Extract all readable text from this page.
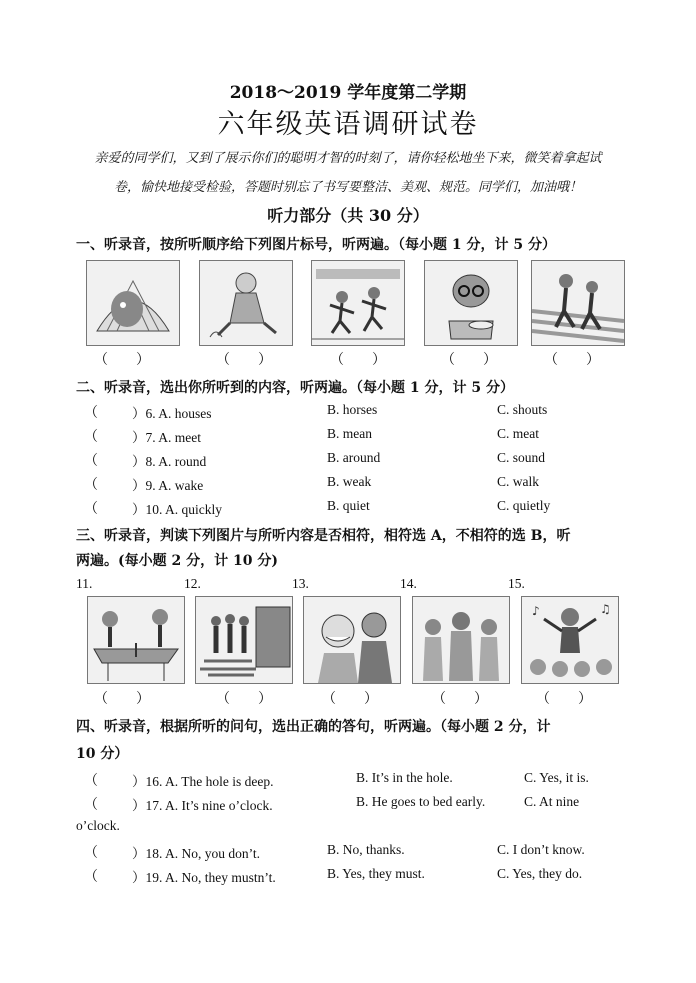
2018～2019 学年度第二学期
六年级英语调研试卷
亲爱的同学们，又到了展示你们的聪明才智的时刻了，请你轻松地坐下来，微笑着拿起试
卷，愉快地接受检验，答题时别忘了书写要整洁、美观、规范。同学们，加油哦！
听力部分（共 30 分）
一、听录音，按所听顺序给下列图片标号，听两遍。（每小题 1 分，计 5 分）
（　　）	（　　）	（　　）	（　　）	（　　）
二、听录音，选出你所听到的内容，听两遍。（每小题 1 分，计 5 分）
（	）6. A. houses	B. horses	C. shouts
（	）7. A. meet	B. mean	C. meat
（	）8. A. round	B. around	C. sound
（	）9. A. wake	B. weak	C. walk
（	）10. A. quickly	B. quiet	C. quietly
三、听录音，判读下列图片与所听内容是否相符，相符选 A，不相符的选 B，听
两遍。(每小题 2 分，计 10 分)
11.	12.	13.	14.	15.
♪	♫
（　　）	（　　）	（　　）	（　　）	（　　）
四、听录音，根据所听的问句，选出正确的答句，听两遍。（每小题 2 分，计
10 分）
（	）16. A. The hole is deep.	B. It’s in the hole.	C. Yes, it is.
（	）17. A. It’s nine o’clock.	B. He goes to bed early.	C. At nine
o’clock.
（	）18. A. No, you don’t.	B. No, thanks.	C. I don’t know.
（	）19. A. No, they mustn’t.	B. Yes, they must.	C. Yes, they do.
